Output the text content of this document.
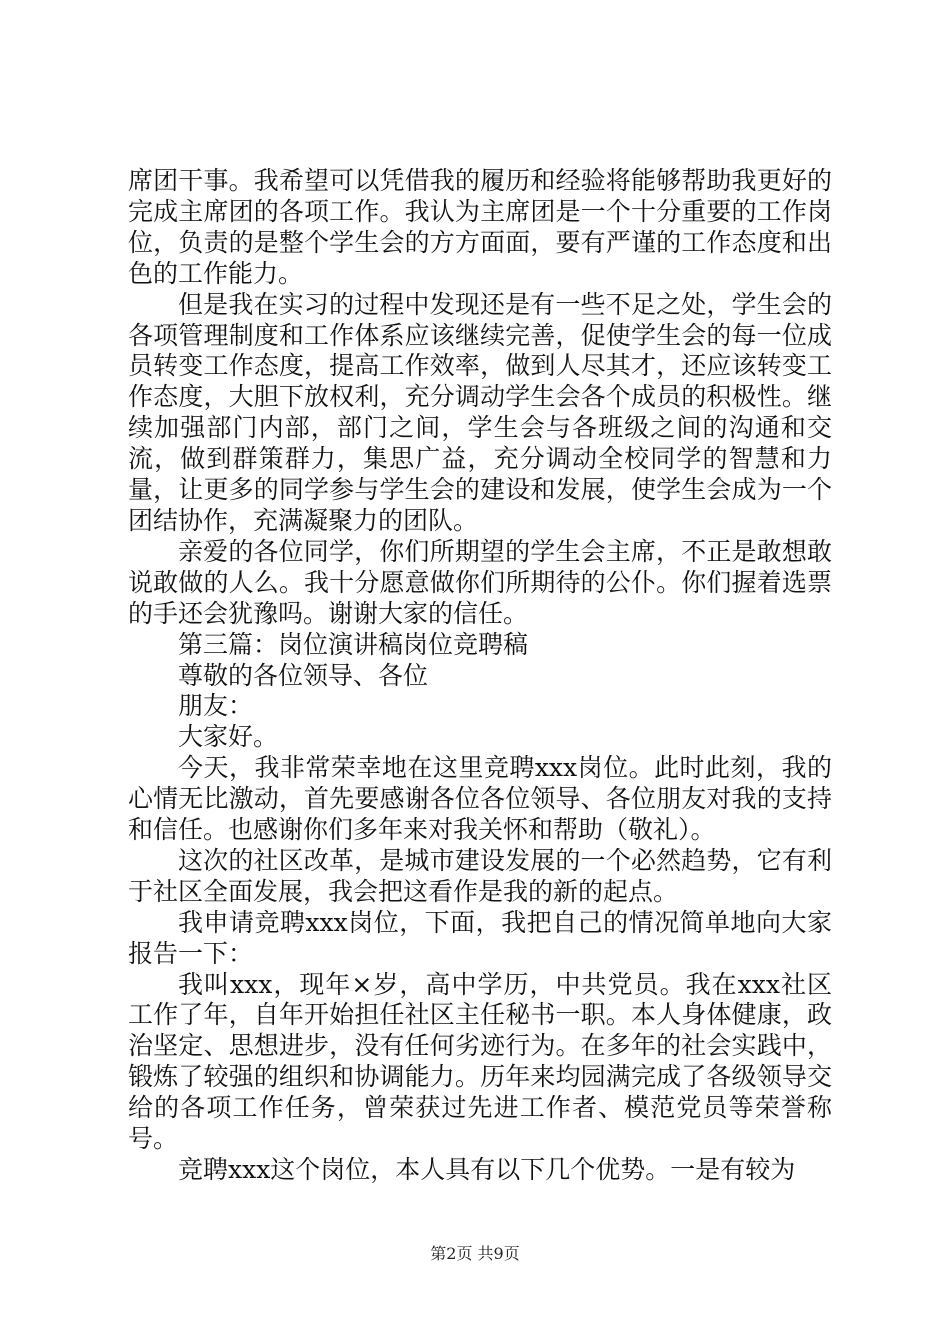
席团干事。我希望可以凭借我的履历和经验将能够帮助我更好的完成主席团的各项工作。我认为主席团是一个十分重要的工作岗位，负责的是整个学生会的方方面面，要有严谨的工作态度和出色的工作能力。

但是我在实习的过程中发现还是有一些不足之处，学生会的各项管理制度和工作体系应该继续完善，促使学生会的每一位成员转变工作态度，提高工作效率，做到人尽其才，还应该转变工作态度，大胆下放权利，充分调动学生会各个成员的积极性。继续加强部门内部，部门之间，学生会与各班级之间的沟通和交流，做到群策群力，集思广益，充分调动全校同学的智慧和力量，让更多的同学参与学生会的建设和发展，使学生会成为一个团结协作，充满凝聚力的团队。

亲爱的各位同学，你们所期望的学生会主席，不正是敢想敢说敢做的人么。我十分愿意做你们所期待的公仆。你们握着选票的手还会犹豫吗。谢谢大家的信任。

第三篇：岗位演讲稿岗位竞聘稿

尊敬的各位领导、各位

朋友：

大家好。

今天，我非常荣幸地在这里竞聘xxx岗位。此时此刻，我的心情无比激动，首先要感谢各位各位领导、各位朋友对我的支持和信任。也感谢你们多年来对我关怀和帮助（敬礼）。

这次的社区改革，是城市建设发展的一个必然趋势，它有利于社区全面发展，我会把这看作是我的新的起点。

我申请竞聘xxx岗位，下面，我把自己的情况简单地向大家报告一下：

我叫xxx，现年×岁，高中学历，中共党员。我在xxx社区工作了年，自年开始担任社区主任秘书一职。本人身体健康，政治坚定、思想进步，没有任何劣迹行为。在多年的社会实践中，锻炼了较强的组织和协调能力。历年来均园满完成了各级领导交给的各项工作任务，曾荣获过先进工作者、模范党员等荣誉称号。

竞聘xxx这个岗位，本人具有以下几个优势。一是有较为

第2页 共9页
